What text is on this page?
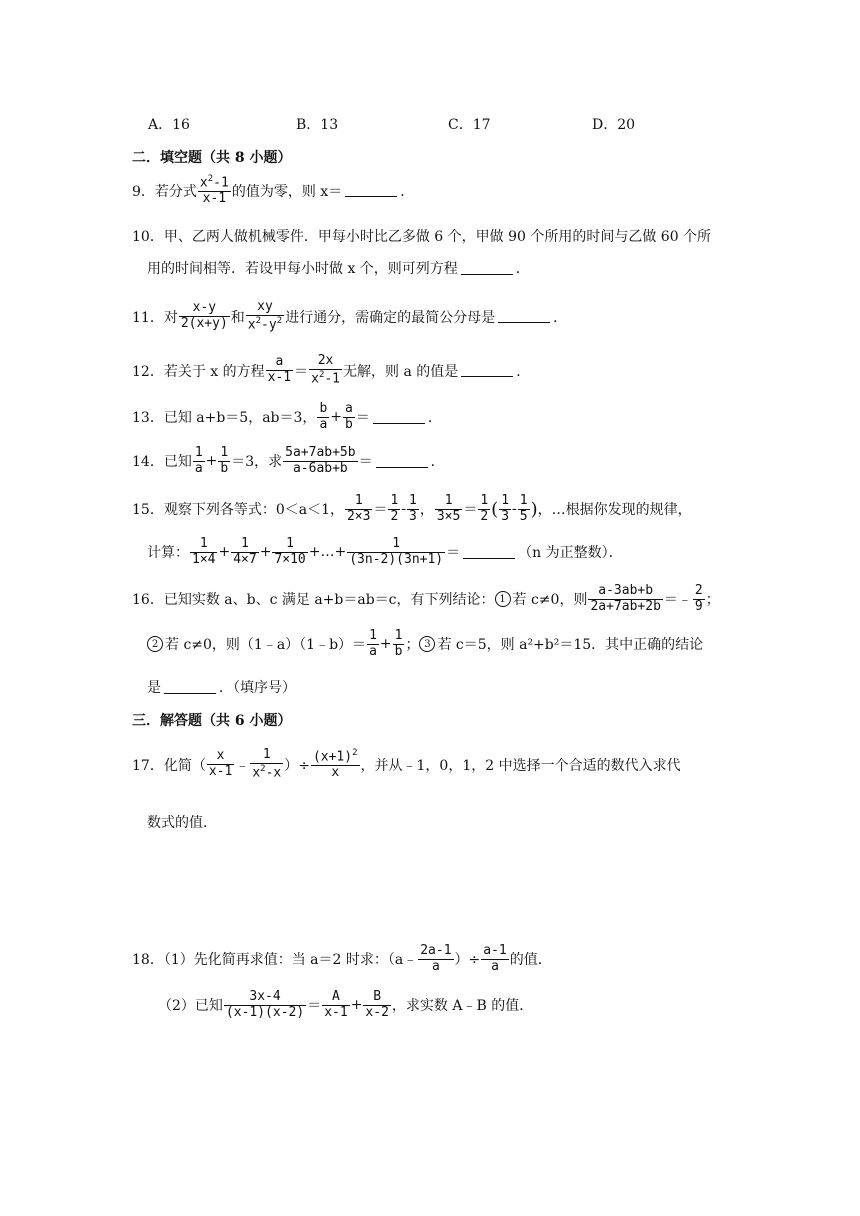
A．16	B．13	C．17	D．20
二．填空题（共 8 小题）
9．若分式 $\frac{x^2-1}{x-1}$ 的值为零，则 x＝	．
10．甲、乙两人做机械零件．甲每小时比乙多做 6 个，甲做 90 个所用的时间与乙做 60 个所
用的时间相等．若设甲每小时做 x 个，则可列方程	．
11．对 $\frac{x-y}{2(x+y)}$ 和 $\frac{xy}{x^2-y^2}$ 进行通分，需确定的最简公分母是	．
12．若关于 x 的方程 $\frac{a}{x-1} = \frac{2x}{x^2-1}$ 无解，则 a 的值是	．
13．已知 a+b＝5，ab＝3， $\frac{b}{a} + \frac{a}{b}$ ＝	．
14．已知 $\frac{1}{a} + \frac{1}{b} =3$，求 $\frac{5a+7ab+5b}{a-6ab+b}$ ＝	．
15．观察下列各等式：0＜a＜1， $\frac{1}{2\times 3} = \frac{1}{2} - \frac{1}{3}$ ， $\frac{1}{3\times 5} = \frac{1}{2}$ ( $\frac{1}{3} - \frac{1}{5}$ ) ，…根据你发现的规律，
计算： $\frac{1}{1\times 4} + \frac{1}{4\times 7} + \frac{1}{7\times 10}$ +…+ $\frac{1}{(3n-2)(3n+1)}$ ＝	（n 为正整数）．
16．已知实数 a、b、c 满足 a+b＝ab＝c，有下列结论： 1 若 c≠0，则 $\frac{a-3ab+b}{2a+7ab+2b}$ ＝﹣ $\frac{2}{9}$ ；
2 若 c≠0，则（1﹣a）（1﹣b）＝ $\frac{1}{a} + \frac{1}{b}$ ； 3 若 c＝5，则 a²+b²＝15．其中正确的结论
是	．（填序号）
三．解答题（共 6 小题）
17．化简（ $\frac{x}{x-1}$ ﹣ $\frac{1}{x^2-x}$ ）÷ $\frac{(x+1)^2}{x}$ ，并从﹣1，0，1，2 中选择一个合适的数代入求代
数式的值．
18．（1）先化简再求值：当 a＝2 时求：（a﹣ $\frac{2a-1}{a}$ ）÷ $\frac{a-1}{a}$ 的值．
（2）已知 $\frac{3x-4}{(x-1)(x-2)} = \frac{A}{x-1} + \frac{B}{x-2}$ ，求实数 A﹣B 的值．
